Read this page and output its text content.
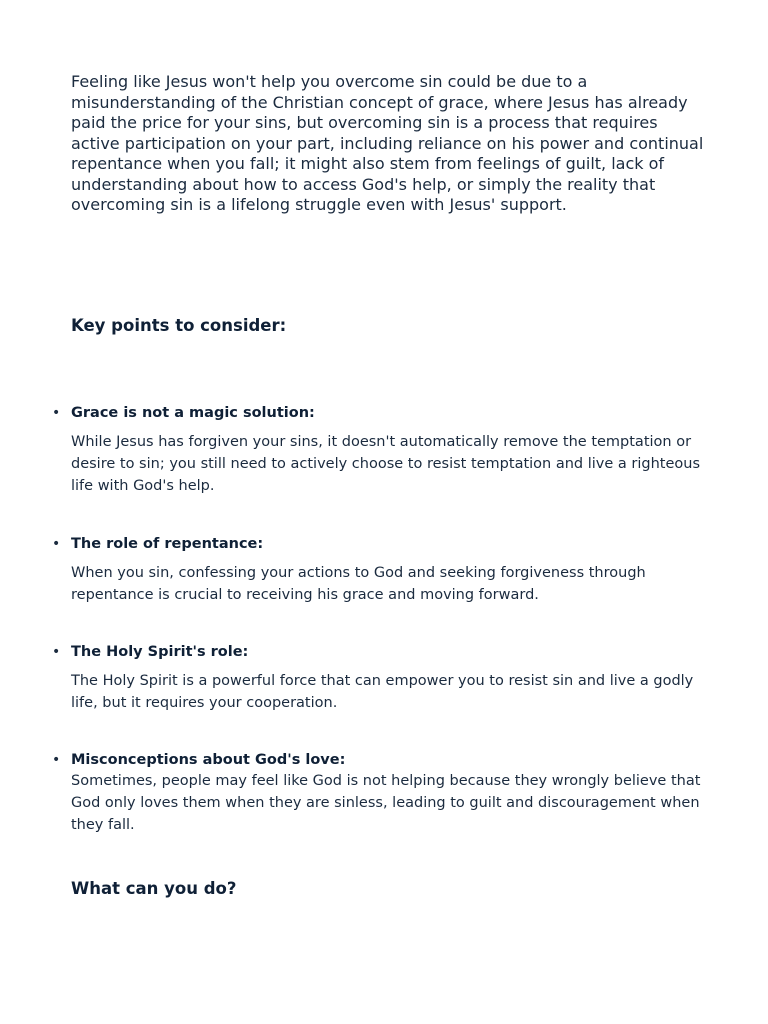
Feeling like Jesus won't help you overcome sin could be due to a misunderstanding of the Christian concept of grace, where Jesus has already paid the price for your sins, but overcoming sin is a process that requires active participation on your part, including reliance on his power and continual repentance when you fall; it might also stem from feelings of guilt, lack of understanding about how to access God's help, or simply the reality that overcoming sin is a lifelong struggle even with Jesus' support.

Key points to consider:
• Grace is not a magic solution:

While Jesus has forgiven your sins, it doesn't automatically remove the temptation or desire to sin; you still need to actively choose to resist temptation and live a righteous life with God's help.

• The role of repentance:

When you sin, confessing your actions to God and seeking forgiveness through repentance is crucial to receiving his grace and moving forward.

• The Holy Spirit's role:

The Holy Spirit is a powerful force that can empower you to resist sin and live a godly life, but it requires your cooperation.

• Misconceptions about God's love:

Sometimes, people may feel like God is not helping because they wrongly believe that God only loves them when they are sinless, leading to guilt and discouragement when they fall.

What can you do?
